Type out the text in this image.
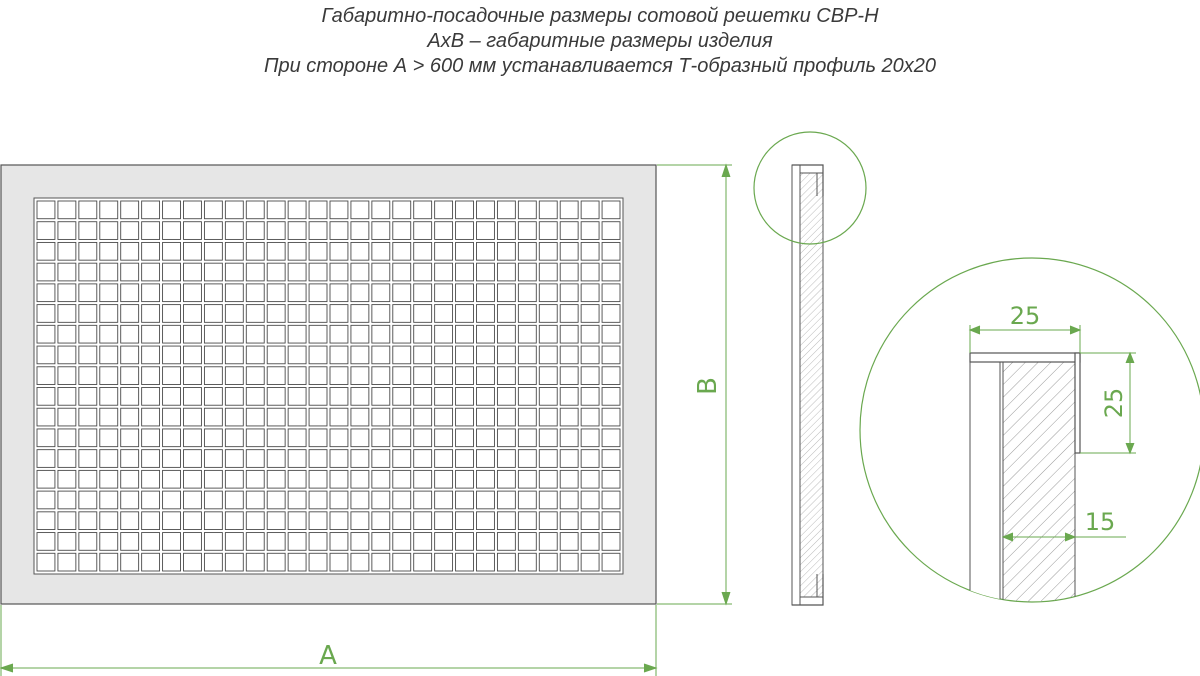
Габаритно-посадочные размеры сотовой решетки СВР-Н
АхВ – габаритные размеры изделия
При стороне А > 600 мм устанавливается Т-образный профиль 20х20
A
B
25
25
15
